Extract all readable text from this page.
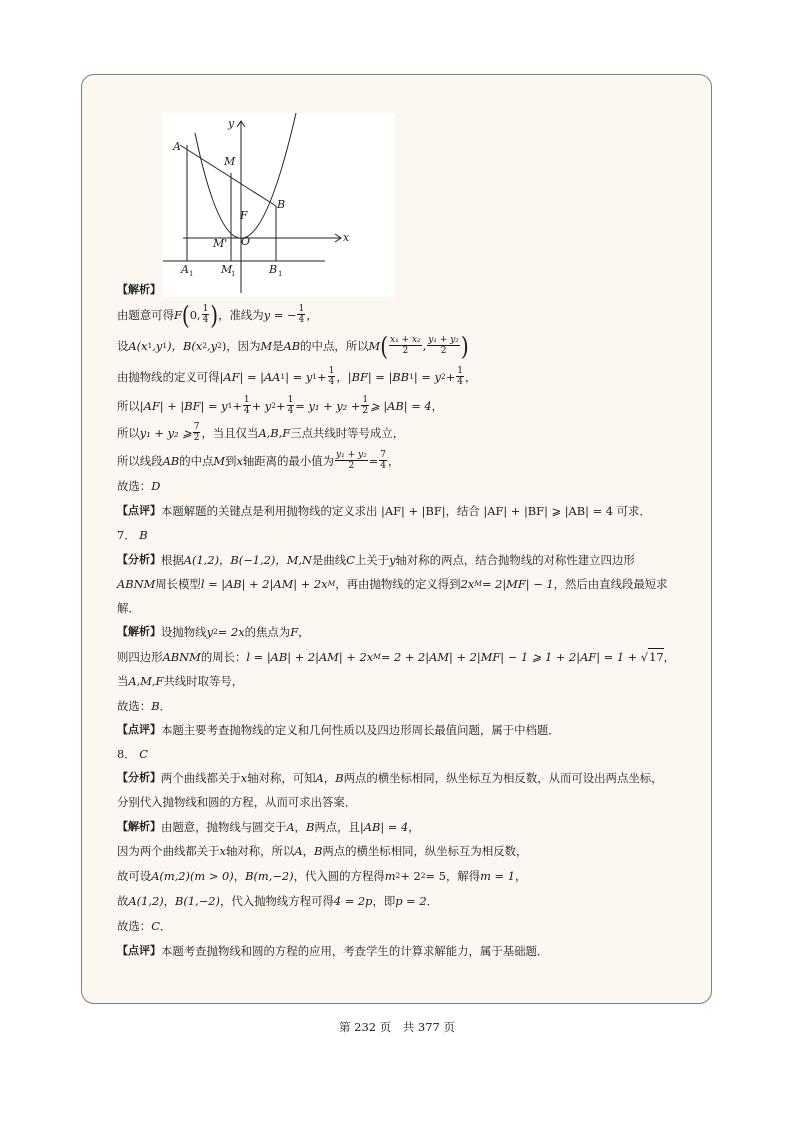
y
x
A
M
B
F
M' O
A 1	M
1	B 1
【解析】
由题意可得 F ( 0, $\frac{1}{4}$ ) ，准线为 y = − $\frac{1}{4}$ ，
设 A(x 1 ,y 1 )，B(x 2 ,y 2 )，因为 M 是 AB 的中点，所以 M ( $\frac{\text{x₁ + x₂}}{2}$ , $\frac{\text{y₁ + y₂}}{2}$ )
由抛物线的定义可得 |AF| = |AA 1 | = y $1 + \frac{1}{4}$ ， |BF| = |BB 1 | = y $2 + \frac{1}{4}$ ，
所以 |AF| + |BF| = y $1 + \frac{1}{4} + y$ $2 + \frac{1}{4} = y_1 + y_2 + \frac{1}{2}$ ⩾ |AB| = 4 ，
所以 y₁ + y₂ ⩾ $\frac{7}{2}$ ，当且仅当 A,B,F 三点共线时等号成立，
所以线段 AB 的中点 M 到 x 轴距离的最小值为 $\frac{\text{y₁ + y₂}}{2} = \frac{7}{4}$ ，
故选： D
【点评】 本题解题的关键点是利用抛物线的定义求出 |AF| + |BF|，结合 |AF| + |BF| ⩾ |AB| = 4 可求．
7．
B
【分析】 根据 A(1,2)，B(−1,2)，M,N 是曲线 C 上关于 y 轴对称的两点，结合抛物线的对称性建立四边形
ABNM 周长模型 l = |AB| + 2|AM| + 2x M ，再由抛物线的定义得到 2x M = 2|MF| − 1 ，然后由直线段最短求
解．
【解析】 设抛物线 y 2 = 2x 的焦点为 F ，
则四边形 ABNM 的周长： l = |AB| + 2|AM| + 2x M = 2 + 2|AM| + 2|MF| − 1 ⩾ 1 + 2|AF| = 1 + √ 17 ，
当 A,M,F 共线时取等号，
故选： B ．
【点评】 本题主要考查抛物线的定义和几何性质以及四边形周长最值问题，属于中档题．
8．
C
【分析】 两个曲线都关于 x 轴对称，可知 A ， B 两点的横坐标相同，纵坐标互为相反数，从而可设出两点坐标，
分别代入抛物线和圆的方程，从而可求出答案．
【解析】 由题意，抛物线与圆交于 A ， B 两点，且 |AB| = 4 ，
因为两个曲线都关于 x 轴对称，所以 A ， B 两点的横坐标相同，纵坐标互为相反数，
故可设 A(m,2)(m > 0) ， B(m,−2) ，代入圆的方程得 m 2 + 2 2 = 5 ，解得 m = 1 ，
故 A(1,2) ， B(1,−2) ，代入抛物线方程可得 4 = 2p ，即 p = 2 ．
故选： C ．
【点评】 本题考查抛物线和圆的方程的应用，考查学生的计算求解能力，属于基础题．
第 232 页　共 377 页
